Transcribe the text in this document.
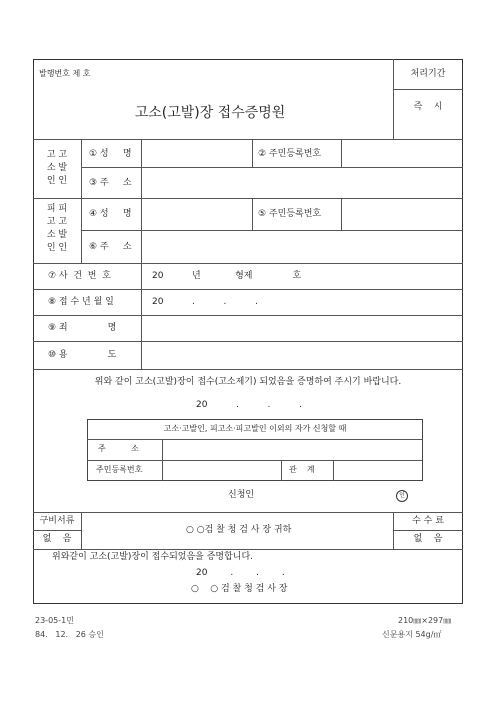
발행번호 제 호
고소(고발)장 접수증명원
처리기간
즉    시
고 고
소 발
인 인
① 성     명	② 주민등록번호
③ 주     소
피 피
고 고
소 발
인 인
④ 성     명	⑤ 주민등록번호
⑥ 주     소
⑦ 사  건  번  호	20          년            형제              호
⑧ 접 수 년 월 일	20          .          .          .
⑨ 죄              명
⑩ 용              도
위와 같이 고소(고발)장이 접수(고소제기) 되었음을 증명하여 주시기 바랍니다.
20          .          .          .
고소·고발인, 피고소·피고발인 이외의 자가 신청할 때
주          소
주민등록번호	관    계
신청인	인
구비서류
없    음
○ ○검 찰 청 검 사 장 귀하
수 수 료
없    음
위와같이 고소(고발)장이 접수되었음을 증명합니다.
20        .        .        .
○    ○ 검 찰 청 검 사 장
23-05-1민
84.   12.   26 승인
210㎜×297㎜
신문용지 54g/㎡
